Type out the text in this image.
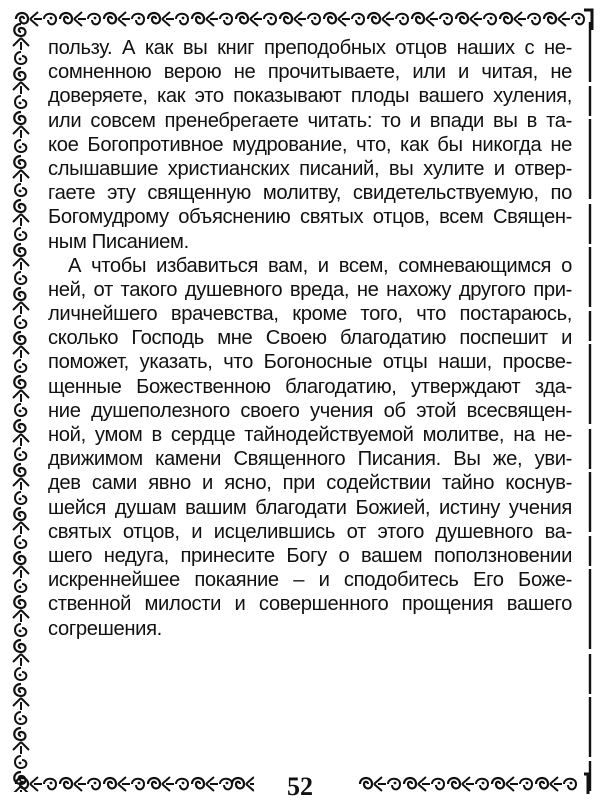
пользу. А как вы книг преподобных отцов наших с не-
сомненною верою не прочитываете, или и читая, не
доверяете, как это показывают плоды вашего хуления,
или совсем пренебрегаете читать: то и впади вы в та-
кое Богопротивное мудрование, что, как бы никогда не
слышавшие христианских писаний, вы хулите и отвер-
гаете эту священную молитву, свидетельствуемую, по
Богомудрому объяснению святых отцов, всем Священ-
ным Писанием.
А чтобы избавиться вам, и всем, сомневающимся о
ней, от такого душевного вреда, не нахожу другого при-
личнейшего врачевства, кроме того, что постараюсь,
сколько Господь мне Своею благодатию поспешит и
поможет, указать, что Богоносные отцы наши, просве-
щенные Божественною благодатию, утверждают зда-
ние душеполезного своего учения об этой всесвящен-
ной, умом в сердце тайнодействуемой молитве, на не-
движимом камени Священного Писания. Вы же, уви-
дев сами явно и ясно, при содействии тайно коснув-
шейся душам вашим благодати Божией, истину учения
святых отцов, и исцелившись от этого душевного ва-
шего недуга, принесите Богу о вашем поползновении
искреннейшее покаяние – и сподобитесь Его Боже-
ственной милости и совершенного прощения вашего
согрешения.
52
